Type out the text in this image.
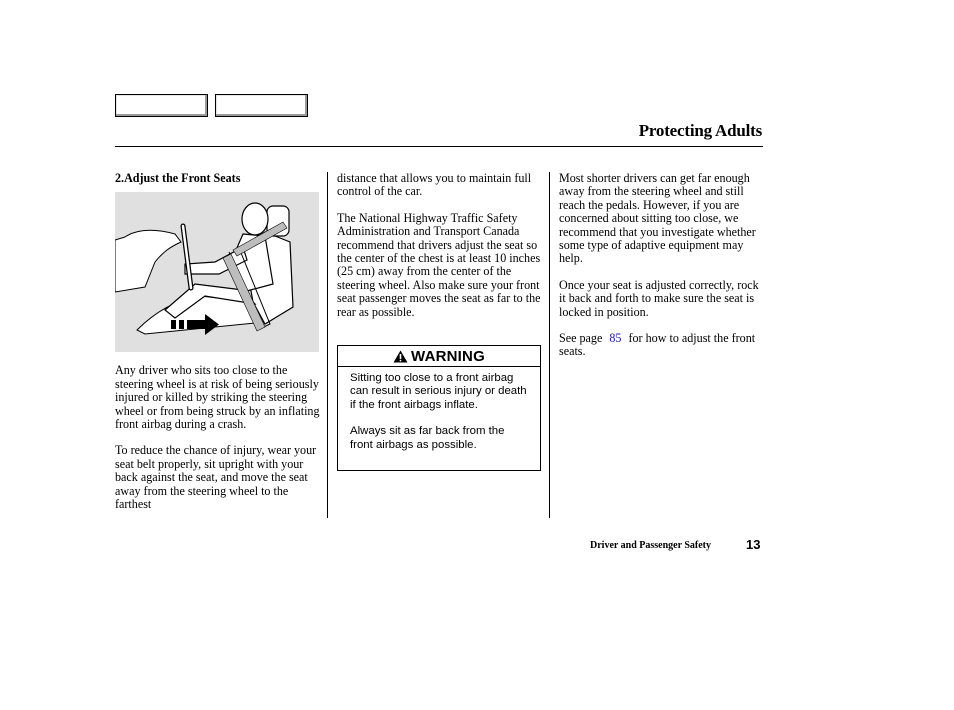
Protecting Adults
2.Adjust the Front Seats

Any driver who sits too close to the steering wheel is at risk of being seriously injured or killed by striking the steering wheel or from being struck by an inflating front airbag during a crash.

To reduce the chance of injury, wear your seat belt properly, sit upright with your back against the seat, and move the seat away from the steering wheel to the farthest

distance that allows you to maintain full control of the car.

The National Highway Traffic Safety Administration and Transport Canada recommend that drivers adjust the seat so the center of the chest is at least 10 inches (25 cm) away from the center of the steering wheel. Also make sure your front seat passenger moves the seat as far to the rear as possible.

WARNING

Sitting too close to a front airbag can result in serious injury or death if the front airbags inflate.

Always sit as far back from the front airbags as possible.

Most shorter drivers can get far enough away from the steering wheel and still reach the pedals. However, if you are concerned about sitting too close, we recommend that you investigate whether some type of adaptive equipment may help.

Once your seat is adjusted correctly, rock it back and forth to make sure the seat is locked in position.

See page 85 for how to adjust the front seats.

Driver and Passenger Safety	13
